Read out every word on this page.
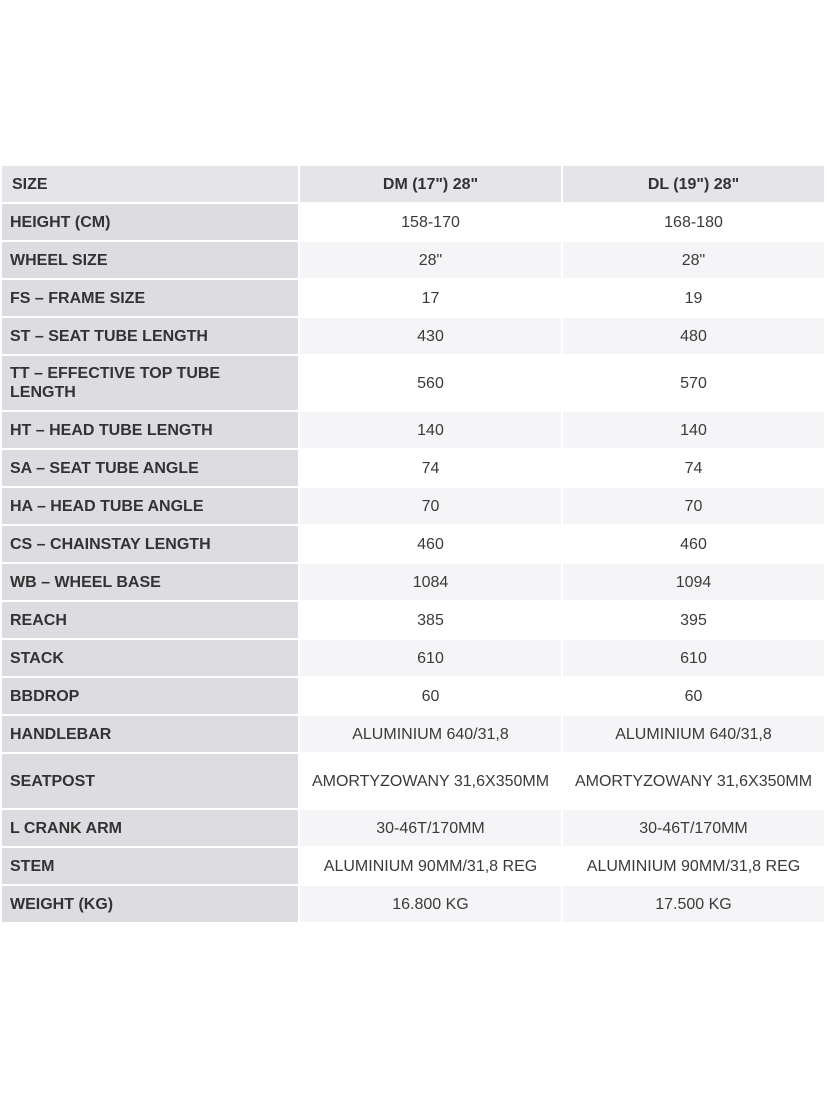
SIZE	DM (17") 28"	DL (19") 28"
HEIGHT (CM)	158-170	168-180
WHEEL SIZE	28"	28"
FS – FRAME SIZE	17	19
ST – SEAT TUBE LENGTH	430	480
TT – EFFECTIVE TOP TUBE LENGTH	560	570
HT – HEAD TUBE LENGTH	140	140
SA – SEAT TUBE ANGLE	74	74
HA – HEAD TUBE ANGLE	70	70
CS – CHAINSTAY LENGTH	460	460
WB – WHEEL BASE	1084	1094
REACH	385	395
STACK	610	610
BBDROP	60	60
HANDLEBAR	ALUMINIUM 640/31,8	ALUMINIUM 640/31,8
SEATPOST	AMORTYZOWANY 31,6X350MM	AMORTYZOWANY 31,6X350MM
L CRANK ARM	30-46T/170MM	30-46T/170MM
STEM	ALUMINIUM 90MM/31,8 REG	ALUMINIUM 90MM/31,8 REG
WEIGHT (KG)	16.800 KG	17.500 KG
